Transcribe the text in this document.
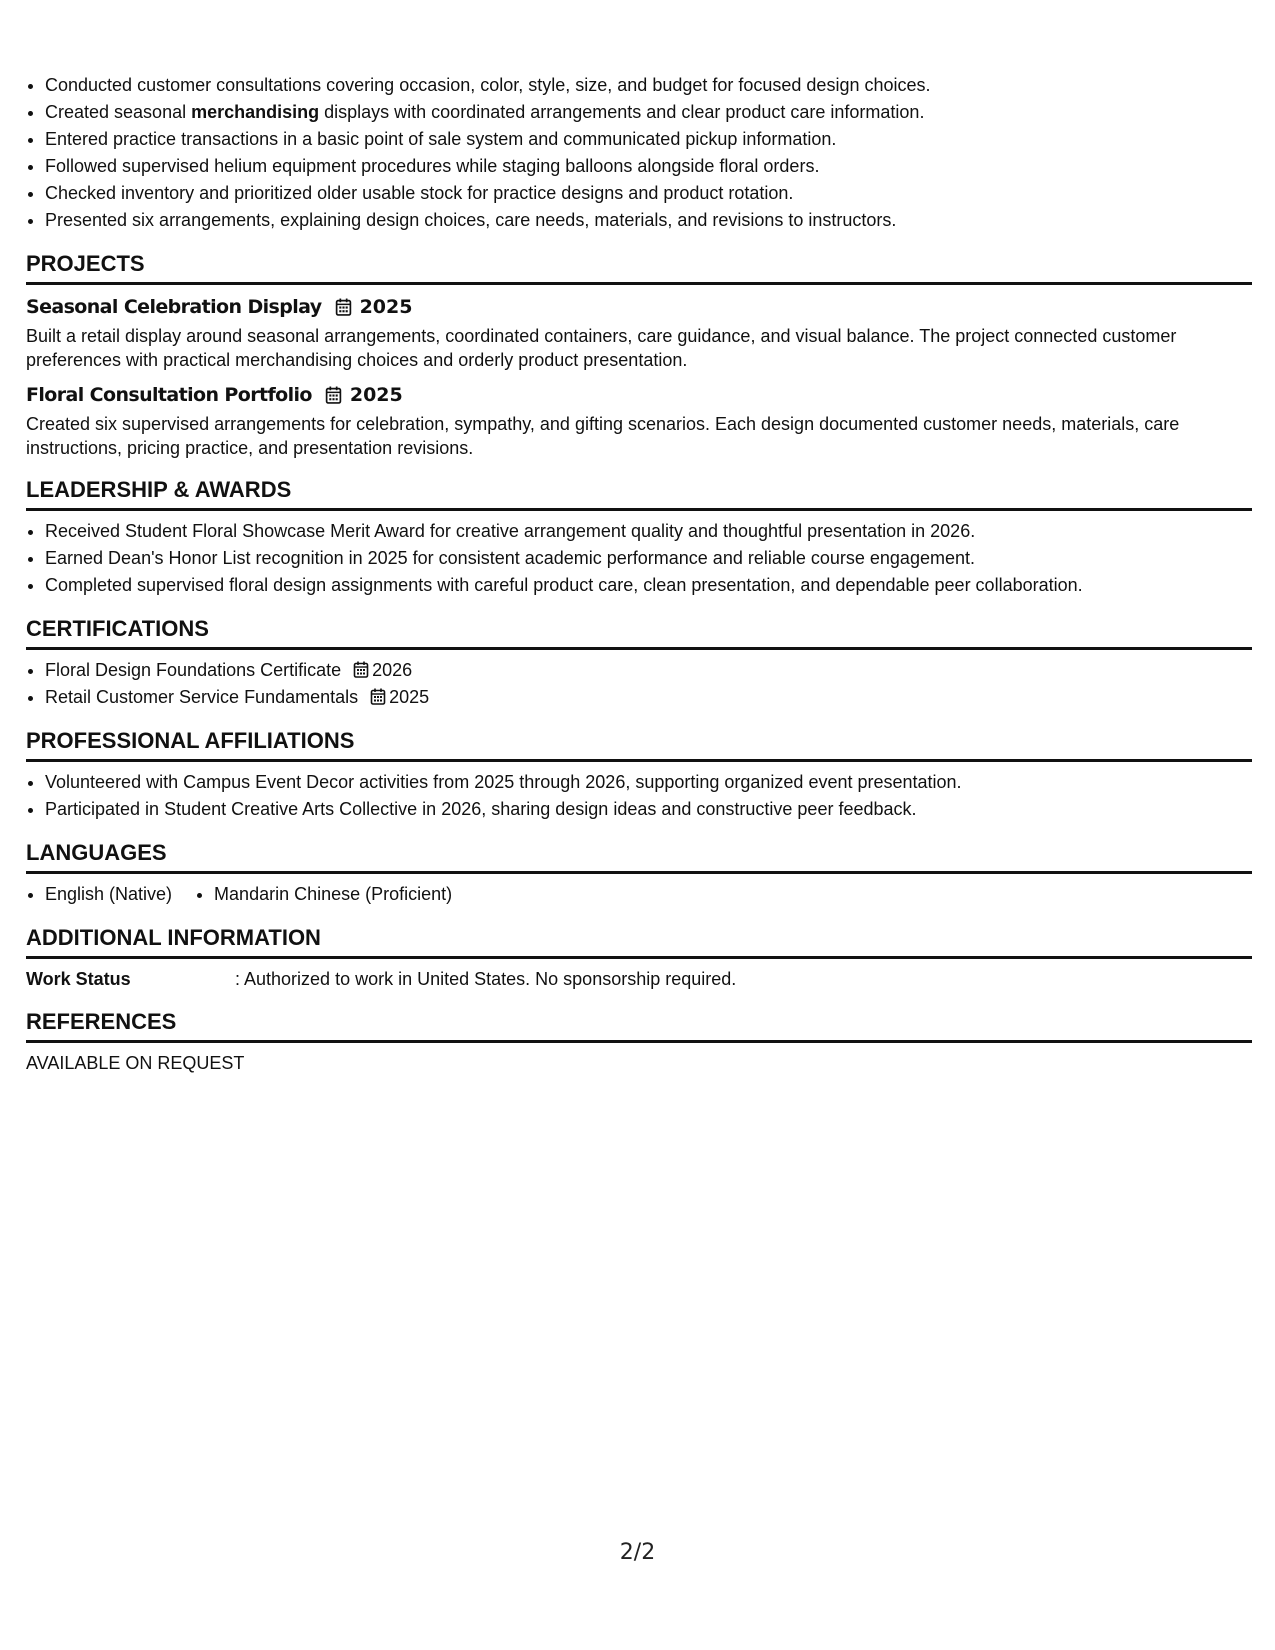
• Conducted customer consultations covering occasion, color, style, size, and budget for focused design choices.
• Created seasonal merchandising displays with coordinated arrangements and clear product care information.
• Entered practice transactions in a basic point of sale system and communicated pickup information.
• Followed supervised helium equipment procedures while staging balloons alongside floral orders.
• Checked inventory and prioritized older usable stock for practice designs and product rotation.
• Presented six arrangements, explaining design choices, care needs, materials, and revisions to instructors.
PROJECTS
Seasonal Celebration Display 2025

Built a retail display around seasonal arrangements, coordinated containers, care guidance, and visual balance. The project connected customer preferences with practical merchandising choices and orderly product presentation.

Floral Consultation Portfolio 2025

Created six supervised arrangements for celebration, sympathy, and gifting scenarios. Each design documented customer needs, materials, care instructions, pricing practice, and presentation revisions.

LEADERSHIP & AWARDS
• Received Student Floral Showcase Merit Award for creative arrangement quality and thoughtful presentation in 2026.
• Earned Dean's Honor List recognition in 2025 for consistent academic performance and reliable course engagement.
• Completed supervised floral design assignments with careful product care, clean presentation, and dependable peer collaboration.
CERTIFICATIONS
• Floral Design Foundations Certificate 2026
• Retail Customer Service Fundamentals 2025
PROFESSIONAL AFFILIATIONS
• Volunteered with Campus Event Decor activities from 2025 through 2026, supporting organized event presentation.
• Participated in Student Creative Arts Collective in 2026, sharing design ideas and constructive peer feedback.
LANGUAGES
• English (Native)
• Mandarin Chinese (Proficient)
ADDITIONAL INFORMATION
Work Status	: Authorized to work in United States. No sponsorship required.
REFERENCES
AVAILABLE ON REQUEST
2/2
